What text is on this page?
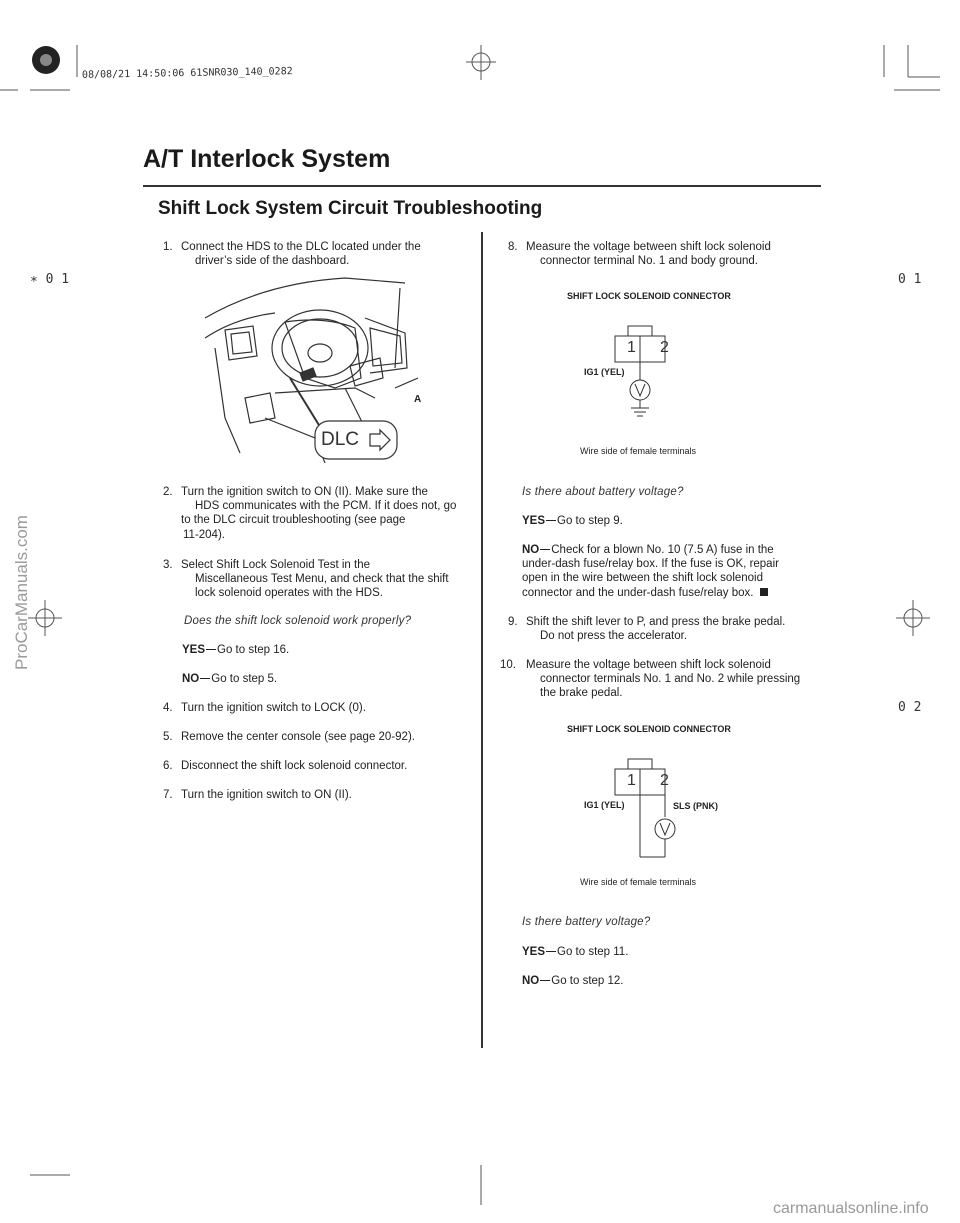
08/08/21 14:50:06 61SNR030_140_0282
A/T Interlock System
Shift Lock System Circuit Troubleshooting
∗ 0 1	0 1
0 2
1. Connect the HDS to the DLC located under the
driver’s side of the dashboard.
A
DLC
2. Turn the ignition switch to ON (II). Make sure the
HDS communicates with the PCM. If it does not, go
to the DLC circuit troubleshooting (see page
11-204).
3. Select Shift Lock Solenoid Test in the
Miscellaneous Test Menu, and check that the shift
lock solenoid operates with the HDS.
Does the shift lock solenoid work properly?
YES Go to step 16.
NO Go to step 5.
4. Turn the ignition switch to LOCK (0).
5. Remove the center console (see page 20-92).
6. Disconnect the shift lock solenoid connector.
7. Turn the ignition switch to ON (II).
8. Measure the voltage between shift lock solenoid
connector terminal No. 1 and body ground.
SHIFT LOCK SOLENOID CONNECTOR
1 2
IG1 (YEL)
Wire side of female terminals
Is there about battery voltage?
YES Go to step 9.
NO Check for a blown No. 10 (7.5 A) fuse in the
under-dash fuse/relay box. If the fuse is OK, repair
open in the wire between the shift lock solenoid
connector and the under-dash fuse/relay box.
9. Shift the shift lever to P, and press the brake pedal.
Do not press the accelerator.
10. Measure the voltage between shift lock solenoid
connector terminals No. 1 and No. 2 while pressing
the brake pedal.
SHIFT LOCK SOLENOID CONNECTOR
1 2
IG1 (YEL)	SLS (PNK)
Wire side of female terminals
Is there battery voltage?
YES Go to step 11.
NO Go to step 12.
ProCarManuals.com
carmanualsonline.info
